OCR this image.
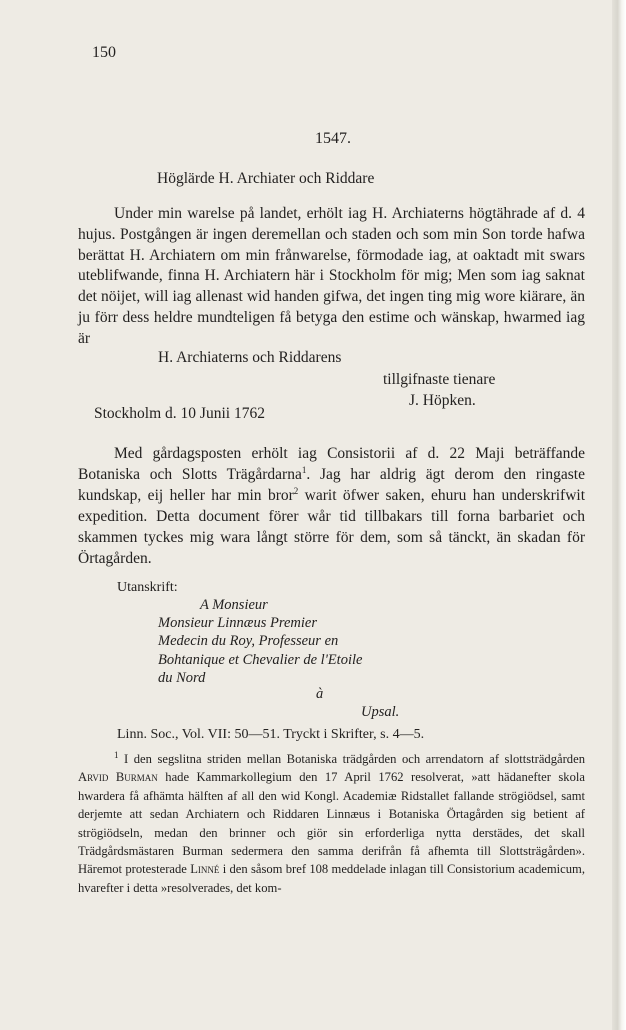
150
1547.
Höglärde H. Archiater och Riddare

Under min warelse på landet, erhölt iag H. Archiaterns högtährade af d. 4 hujus. Postgången är ingen deremellan och staden och som min Son torde hafwa berättat H. Archiatern om min frånwarelse, förmodade iag, at oaktadt mit swars uteblifwande, finna H. Archiatern här i Stockholm för mig; Men som iag saknat det nöijet, will iag allenast wid handen gifwa, det ingen ting mig wore kiärare, än ju förr dess heldre mundteligen få betyga den estime och wänskap, hwarmed iag är

H. Archiaterns och Riddarens
tillgifnaste tienare
J. Höpken.
Stockholm d. 10 Junii 1762

Med gårdagsposten erhölt iag Consistorii af d. 22 Maji beträffande Botaniska och Slotts Trägårdarna$^1$. Jag har aldrig ägt derom den ringaste kundskap, eij heller har min bror$^2$ warit öfwer saken, ehuru han underskrifwit expedition. Detta document förer wår tid tillbakars till forna barbariet och skammen tyckes mig wara långt större för dem, som så tänckt, än skadan för Örtagården.

Utanskrift:
A Monsieur
Monsieur Linnæus Premier
Medecin du Roy, Professeur en
Bohtanique et Chevalier de l'Etoile
du Nord
à
Upsal.
Linn. Soc., Vol. VII: 50—51. Tryckt i Skrifter, s. 4—5.

$^1$ I den segslitna striden mellan Botaniska trädgården och arrendatorn af slottsträdgården Arvid Burman hade Kammarkollegium den 17 April 1762 resolverat, »att hädanefter skola hwardera få afhämta hälften af all den wid Kongl. Academiæ Ridstallet fallande strögiödsel, samt derjemte att sedan Archiatern och Riddaren Linnæus i Botaniska Örtagården sig betient af strögiödseln, medan den brinner och giör sin erforderliga nytta derstädes, det skall Trädgårdsmästaren Burman sedermera den samma derifrån få afhemta till Slottsträgården». Häremot protesterade Linné i den såsom bref 108 meddelade inlagan till Consistorium academicum, hvarefter i detta »resolverades, det kom-
